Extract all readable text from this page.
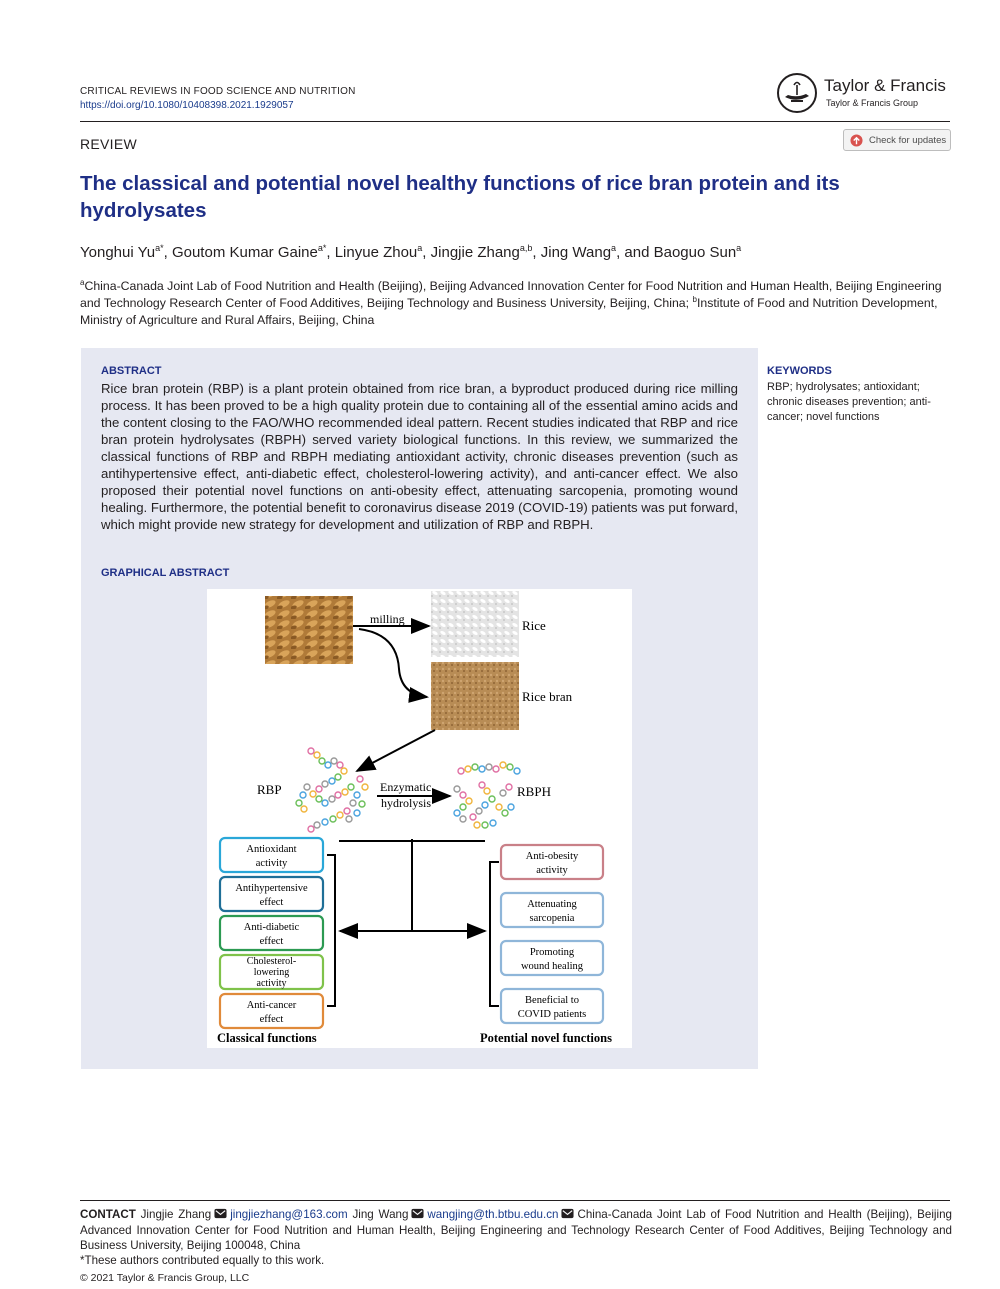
CRITICAL REVIEWS IN FOOD SCIENCE AND NUTRITION
https://doi.org/10.1080/10408398.2021.1929057
Taylor & Francis
Taylor & Francis Group
REVIEW	Check for updates
The classical and potential novel healthy functions of rice bran protein and its hydrolysates
Yonghui $Yu^{a*}$, Goutom Kumar Gaine$^{a*}$, Linyue Zhou$^a$, Jingjie Zhang$^{a,b}$, Jing Wang$^a$, and Baoguo Sun$^a$
$^a$China-Canada Joint Lab of Food Nutrition and Health (Beijing), Beijing Advanced Innovation Center for Food Nutrition and Human Health, Beijing Engineering and Technology Research Center of Food Additives, Beijing Technology and Business University, Beijing, China; $^b$Institute of Food and Nutrition Development, Ministry of Agriculture and Rural Affairs, Beijing, China
ABSTRACT
Rice bran protein (RBP) is a plant protein obtained from rice bran, a byproduct produced during rice milling process. It has been proved to be a high quality protein due to containing all of the essential amino acids and the content closing to the FAO/WHO recommended ideal pattern. Recent studies indicated that RBP and rice bran protein hydrolysates (RBPH) served variety biological functions. In this review, we summarized the classical functions of RBP and RBPH mediating antioxidant activity, chronic diseases prevention (such as antihypertensive effect, anti-diabetic effect, cholesterol-lowering activity), and anti-cancer effect. We also proposed their potential novel functions on anti-obesity effect, attenuating sarcopenia, promoting wound healing. Furthermore, the potential benefit to coronavirus disease 2019 (COVID-19) patients was put forward, which might provide new strategy for development and utilization of RBP and RBPH.
GRAPHICAL ABSTRACT
KEYWORDS
RBP; hydrolysates; antioxidant; chronic diseases prevention; anti-cancer; novel functions
milling	Rice
Rice bran
RBP	RBPH
Enzymatic
hydrolysis
Antioxidant
activity
Antihypertensive
effect
Anti-diabetic
effect
Cholesterol-
lowering
activity
Anti-cancer
effect
Anti-obesity
activity
Attenuating
sarcopenia
Promoting
wound healing
Beneficial to
COVID patients
Classical functions	Potential novel functions
CONTACT Jingjie Zhang jingjiezhang@163.com Jing Wang wangjing@th.btbu.edu.cn China-Canada Joint Lab of Food Nutrition and Health (Beijing), Beijing Advanced Innovation Center for Food Nutrition and Human Health, Beijing Engineering and Technology Research Center of Food Additives, Beijing Technology and Business University, Beijing 100048, China
*These authors contributed equally to this work.
© 2021 Taylor & Francis Group, LLC
